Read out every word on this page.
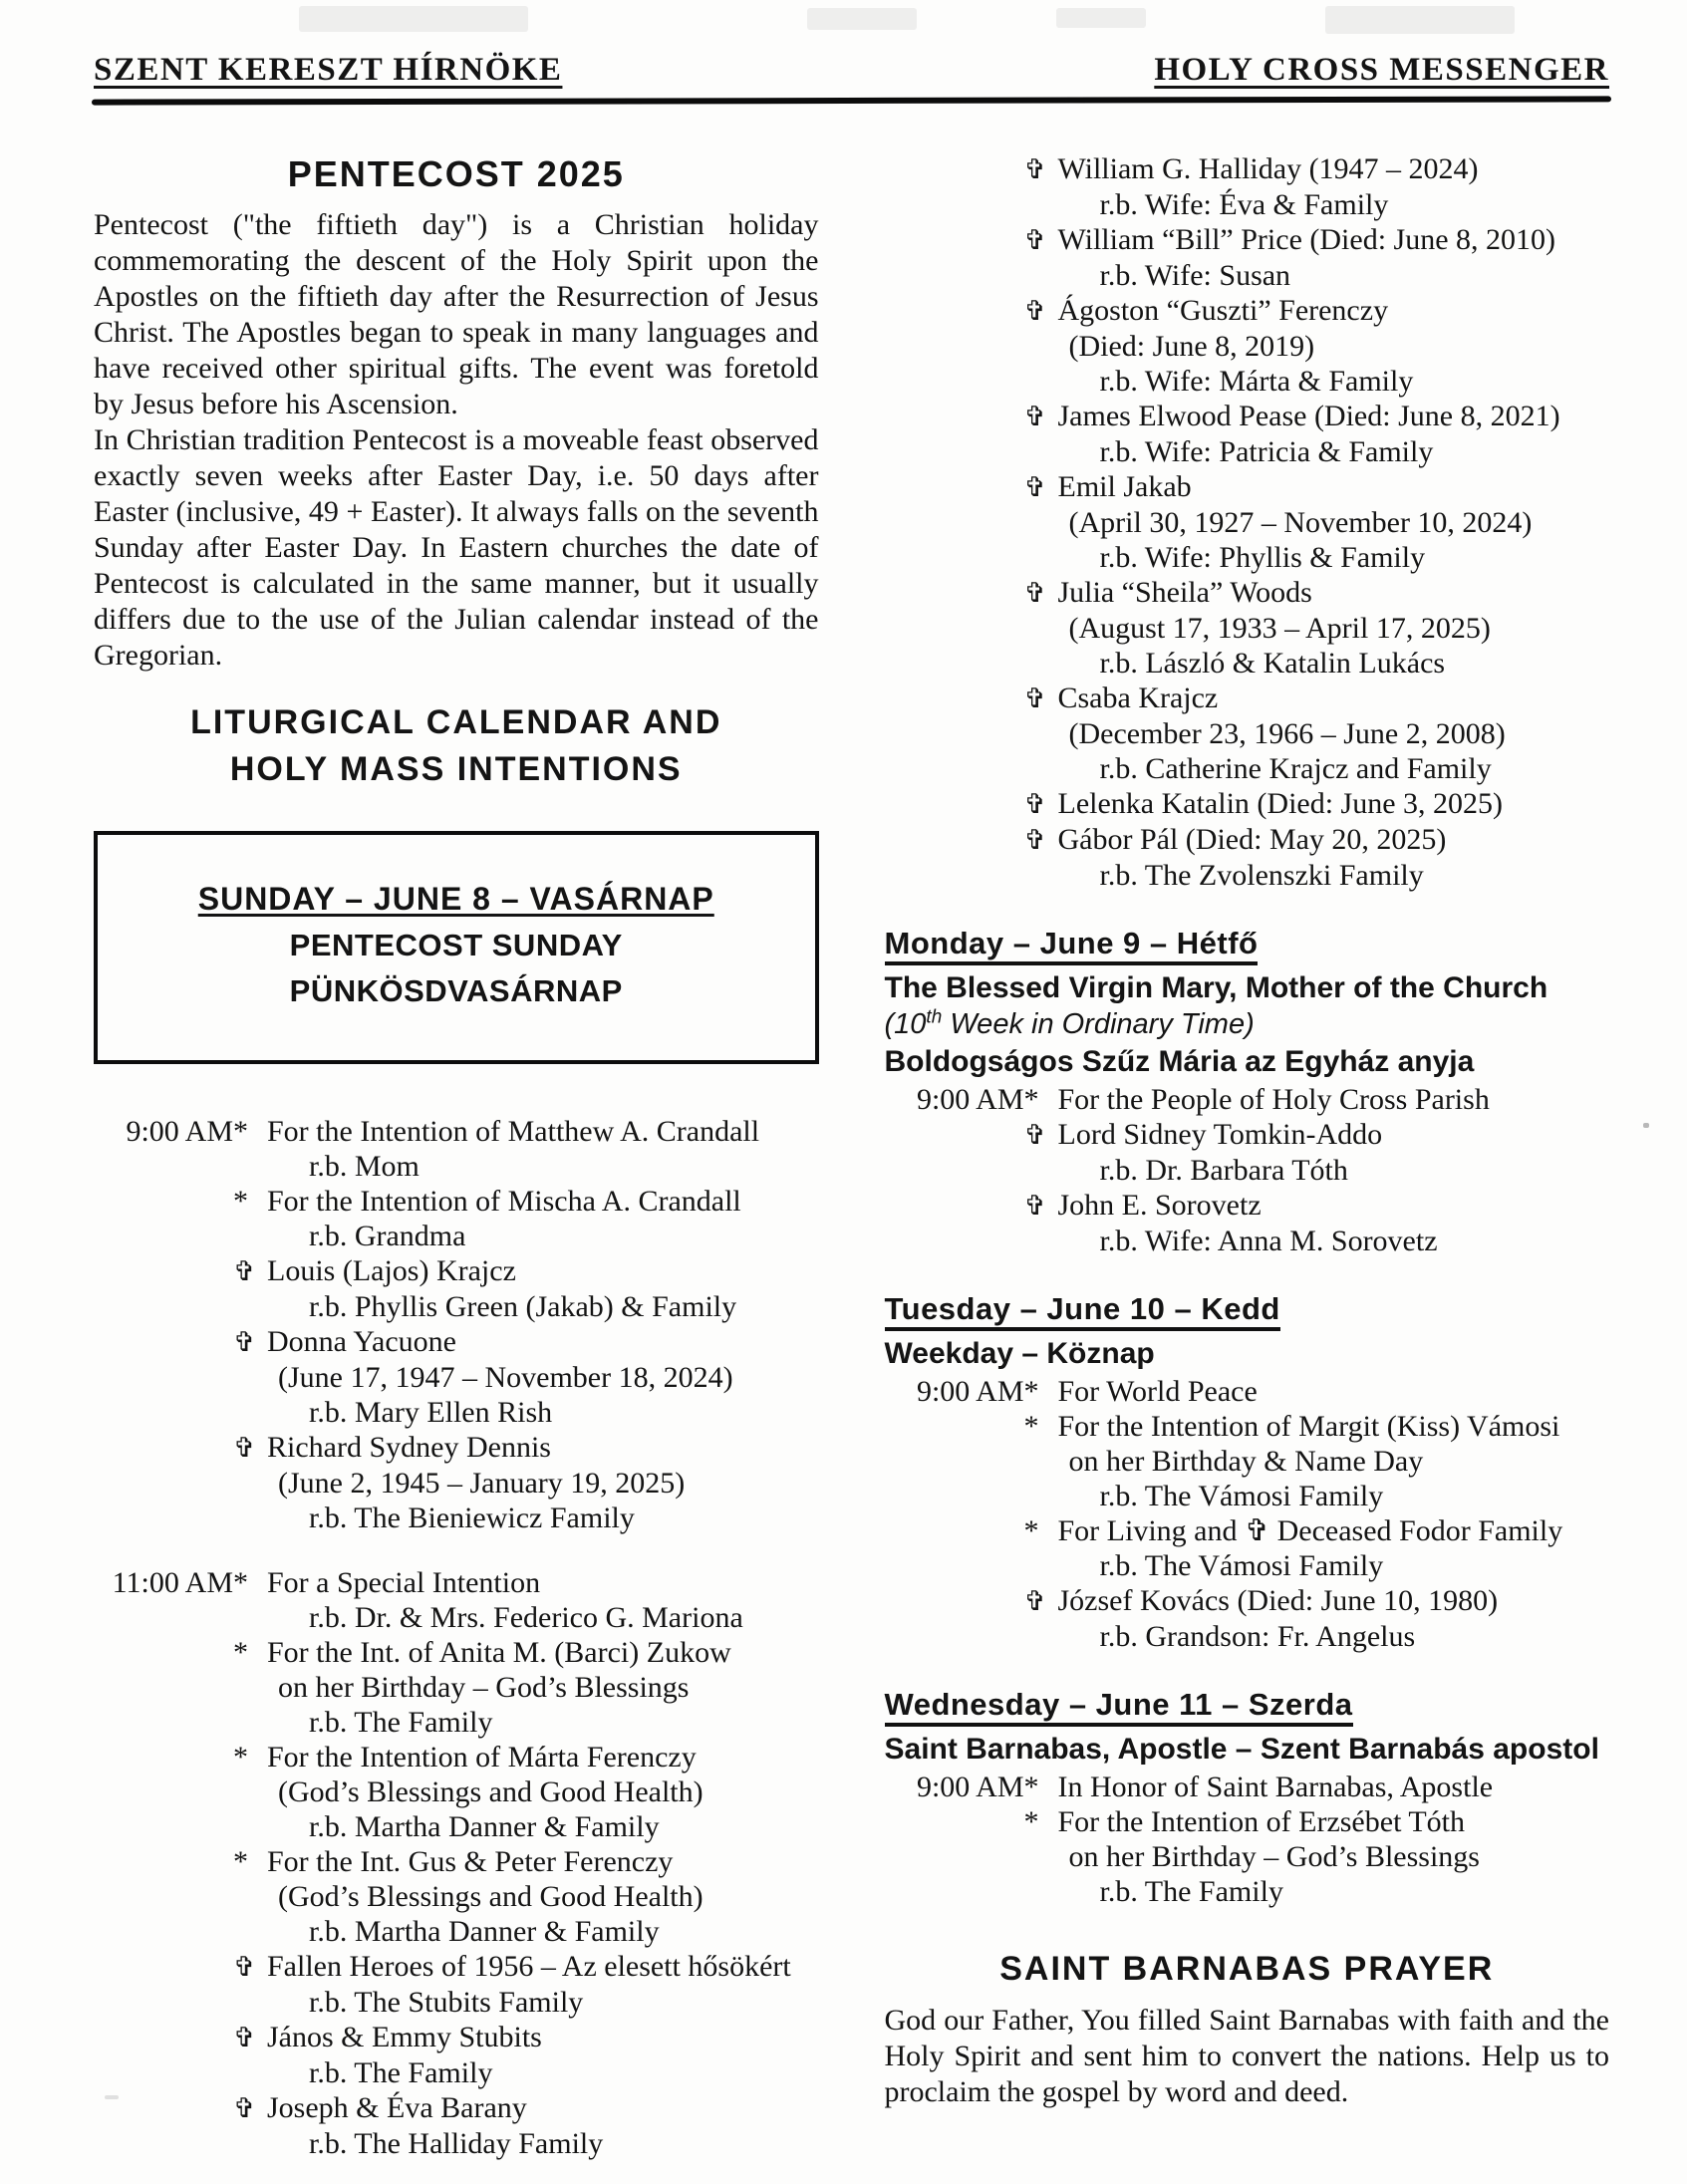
SZENT KERESZT HÍRNÖKE	HOLY CROSS MESSENGER
PENTECOST 2025

Pentecost ("the fiftieth day") is a Christian holiday commemorating the descent of the Holy Spirit upon the Apostles on the fiftieth day after the Resurrection of Jesus Christ. The Apostles began to speak in many languages and have received other spiritual gifts. The event was foretold by Jesus before his Ascension.

In Christian tradition Pentecost is a moveable feast observed exactly seven weeks after Easter Day, i.e. 50 days after Easter (inclusive, 49 + Easter). It always falls on the seventh Sunday after Easter Day. In Eastern churches the date of Pentecost is calculated in the same manner, but it usually differs due to the use of the Julian calendar instead of the Gregorian.

LITURGICAL CALENDAR AND
HOLY MASS INTENTIONS
SUNDAY – JUNE 8 – VASÁRNAP
PENTECOST SUNDAY
PÜNKÖSDVASÁRNAP
9:00 AM* For the Intention of Matthew A. Crandall
r.b. Mom
* For the Intention of Mischa A. Crandall
r.b. Grandma
✞ Louis (Lajos) Krajcz
r.b. Phyllis Green (Jakab) & Family
✞ Donna Yacuone
(June 17, 1947 – November 18, 2024)
r.b. Mary Ellen Rish
✞ Richard Sydney Dennis
(June 2, 1945 – January 19, 2025)
r.b. The Bieniewicz Family
11:00 AM* For a Special Intention
r.b. Dr. & Mrs. Federico G. Mariona
* For the Int. of Anita M. (Barci) Zukow
on her Birthday – God’s Blessings
r.b. The Family
* For the Intention of Márta Ferenczy
(God’s Blessings and Good Health)
r.b. Martha Danner & Family
* For the Int. Gus & Peter Ferenczy
(God’s Blessings and Good Health)
r.b. Martha Danner & Family
✞ Fallen Heroes of 1956 – Az elesett hősökért
r.b. The Stubits Family
✞ János & Emmy Stubits
r.b. The Family
✞ Joseph & Éva Barany
r.b. The Halliday Family
✞ William G. Halliday (1947 – 2024)
r.b. Wife: Éva & Family
✞ William “Bill” Price (Died: June 8, 2010)
r.b. Wife: Susan
✞ Ágoston “Guszti” Ferenczy
(Died: June 8, 2019)
r.b. Wife: Márta & Family
✞ James Elwood Pease (Died: June 8, 2021)
r.b. Wife: Patricia & Family
✞ Emil Jakab
(April 30, 1927 – November 10, 2024)
r.b. Wife: Phyllis & Family
✞ Julia “Sheila” Woods
(August 17, 1933 – April 17, 2025)
r.b. László & Katalin Lukács
✞ Csaba Krajcz
(December 23, 1966 – June 2, 2008)
r.b. Catherine Krajcz and Family
✞ Lelenka Katalin (Died: June 3, 2025)
✞ Gábor Pál (Died: May 20, 2025)
r.b. The Zvolenszki Family
Monday – June 9 – Hétfő
The Blessed Virgin Mary, Mother of the Church
(10th Week in Ordinary Time)
Boldogságos Szűz Mária az Egyház anyja
9:00 AM* For the People of Holy Cross Parish
✞ Lord Sidney Tomkin-Addo
r.b. Dr. Barbara Tóth
✞ John E. Sorovetz
r.b. Wife: Anna M. Sorovetz
Tuesday – June 10 – Kedd
Weekday – Köznap
9:00 AM* For World Peace
* For the Intention of Margit (Kiss) Vámosi
on her Birthday & Name Day
r.b. The Vámosi Family
* For Living and ✞ Deceased Fodor Family
r.b. The Vámosi Family
✞ József Kovács (Died: June 10, 1980)
r.b. Grandson: Fr. Angelus
Wednesday – June 11 – Szerda
Saint Barnabas, Apostle – Szent Barnabás apostol
9:00 AM* In Honor of Saint Barnabas, Apostle
* For the Intention of Erzsébet Tóth
on her Birthday – God’s Blessings
r.b. The Family
SAINT BARNABAS PRAYER

God our Father, You filled Saint Barnabas with faith and the Holy Spirit and sent him to convert the nations. Help us to proclaim the gospel by word and deed.
